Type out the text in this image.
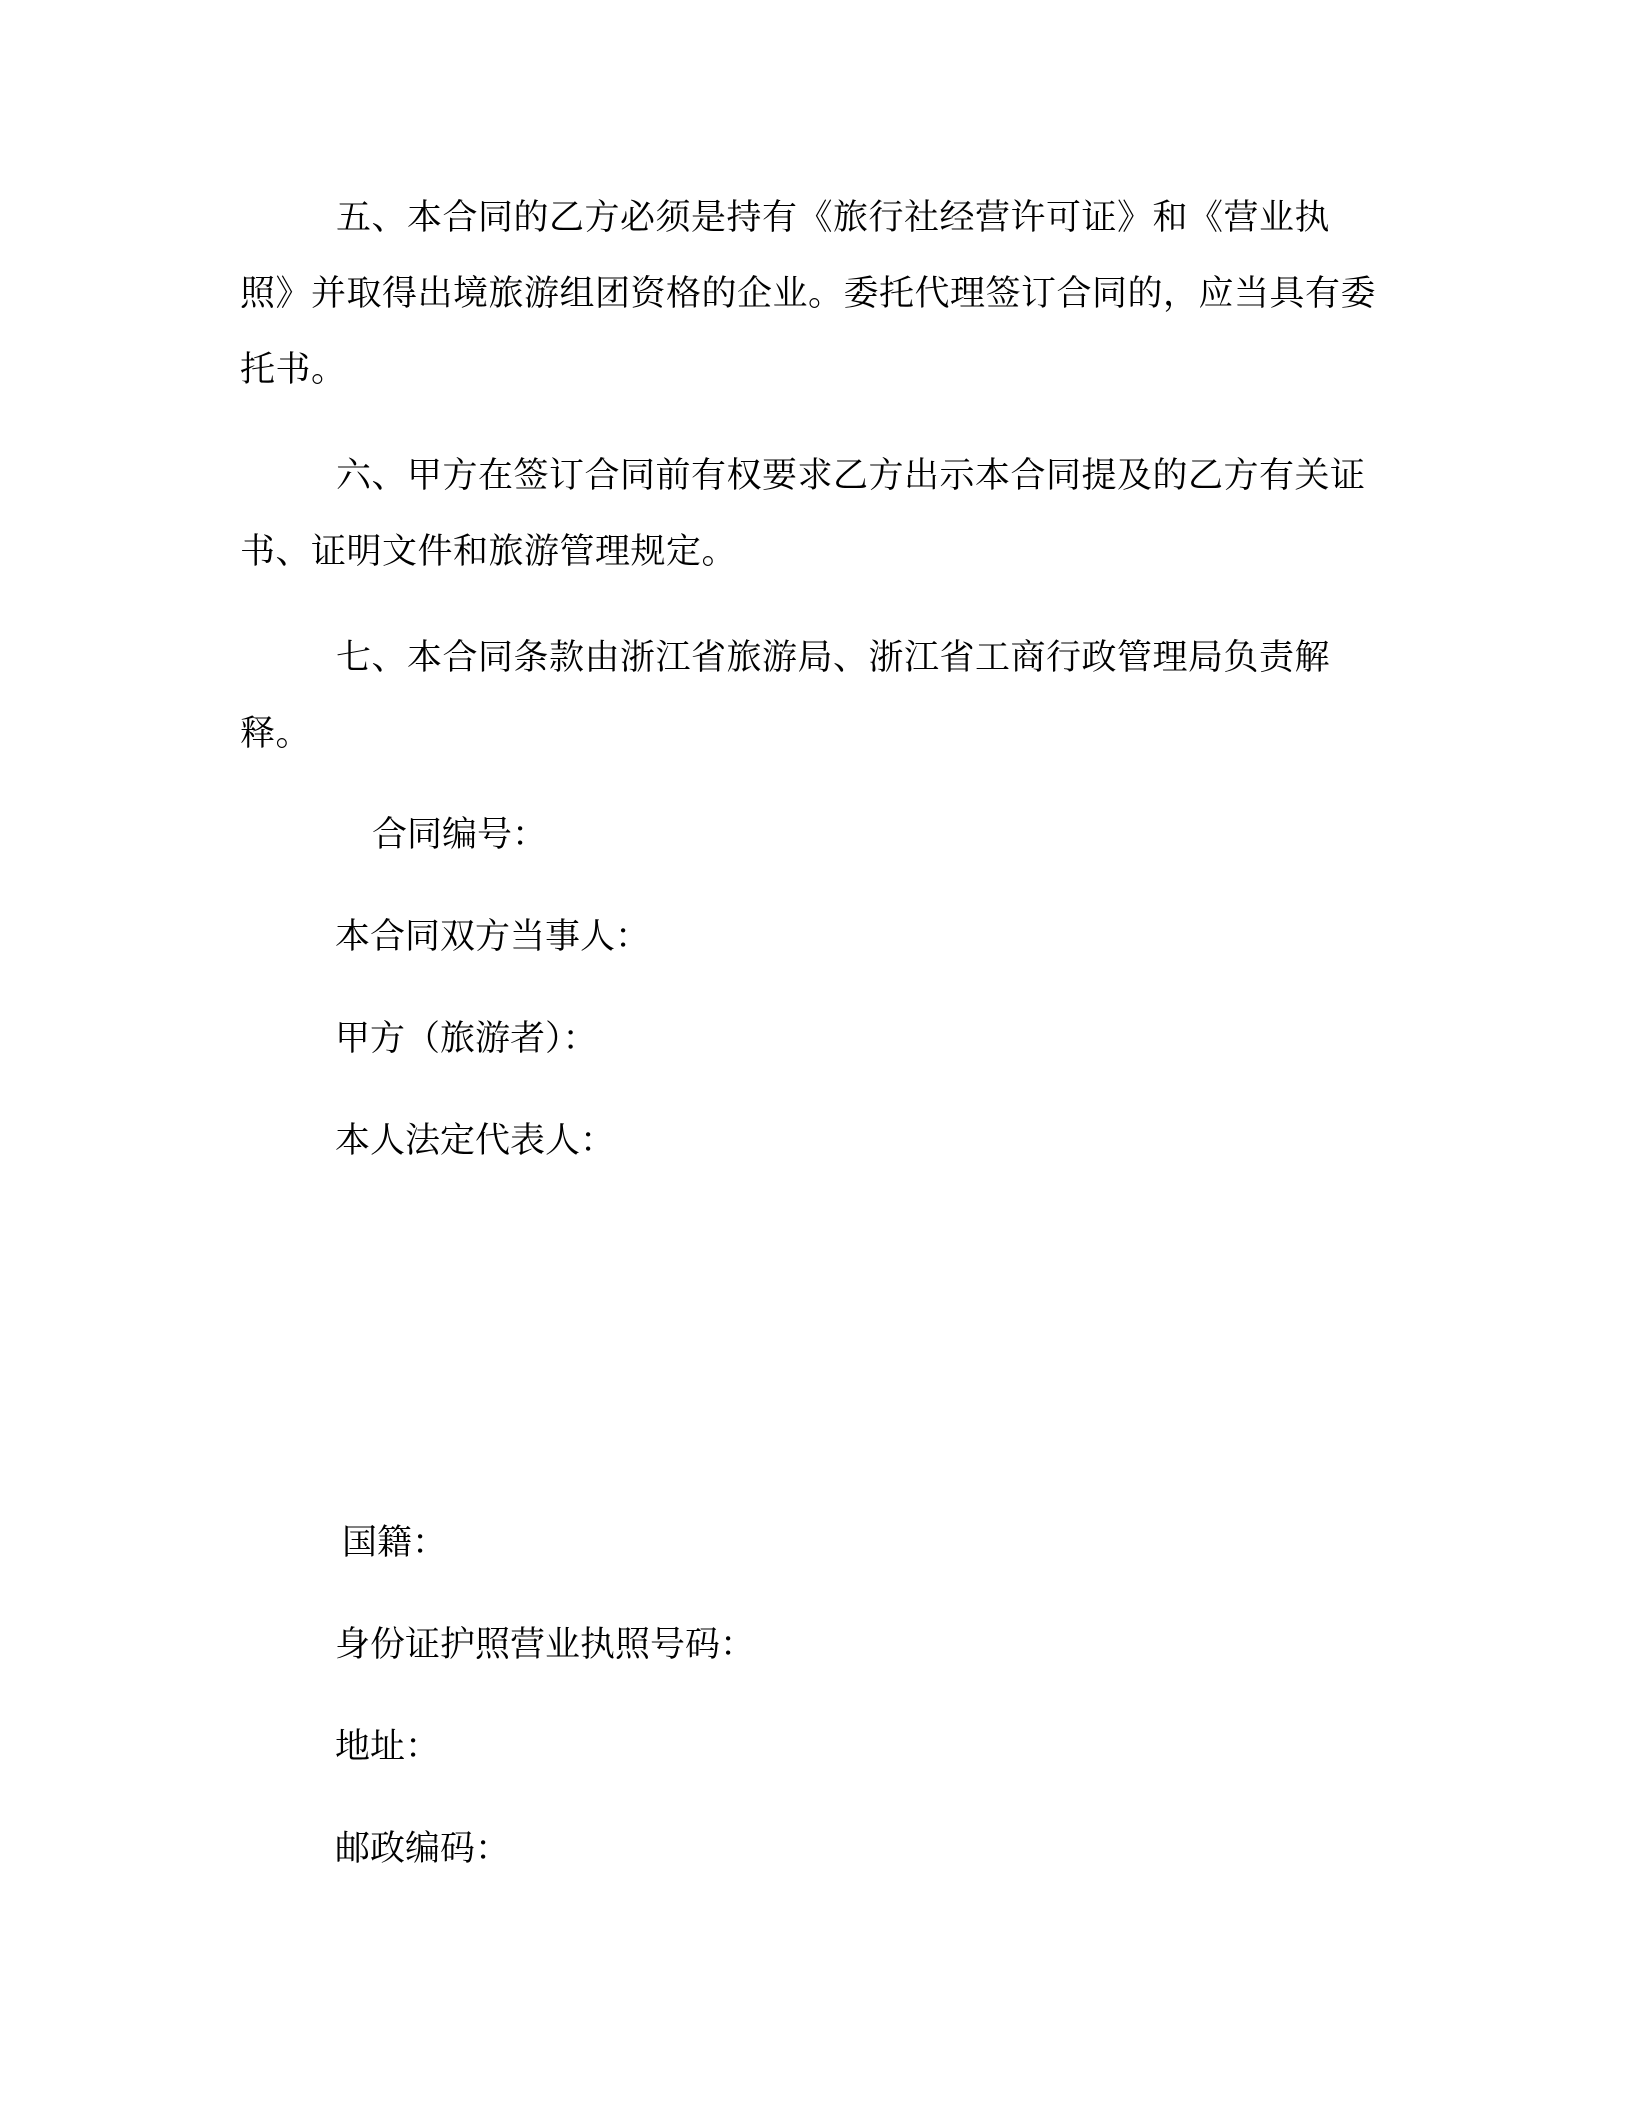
五、本合同的乙方必须是持有《旅行社经营许可证》和《营业执照》并取得出境旅游组团资格的企业。委托代理签订合同的，应当具有委托书。

六、甲方在签订合同前有权要求乙方出示本合同提及的乙方有关证书、证明文件和旅游管理规定。

七、本合同条款由浙江省旅游局、浙江省工商行政管理局负责解释。

合同编号：

本合同双方当事人：

甲方（旅游者）：

本人法定代表人：

国籍：

身份证护照营业执照号码：

地址：

邮政编码：
